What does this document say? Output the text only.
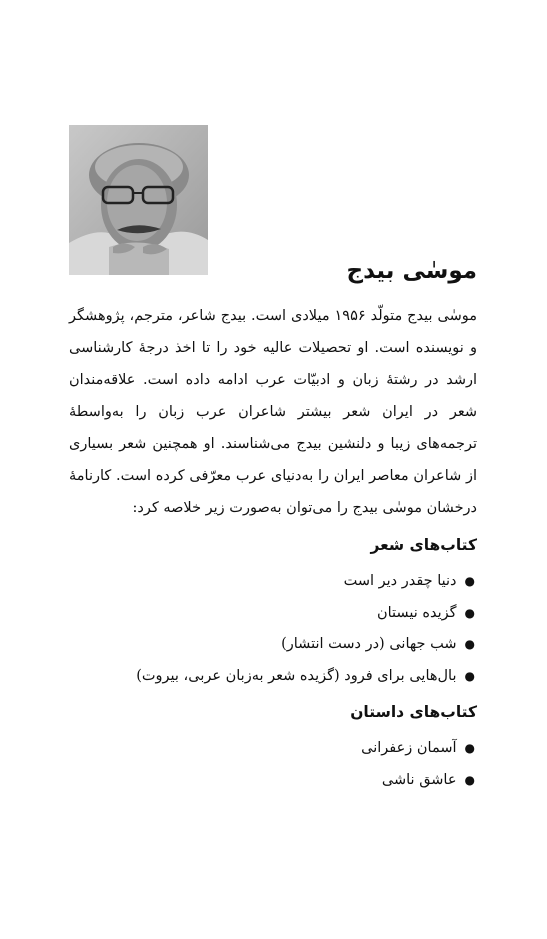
موسٰی بیدج

موسٰی بیدج متولّد ۱۹۵۶ میلادی است. بیدج شاعر، مترجم، پژوهشگر و نویسنده است. او تحصیلات عالیه خود را تا اخذ درجهٔ کارشناسی ارشد در رشتهٔ زبان و ادبیّات عرب ادامه داده است. علاقه‌مندان شعر در ایران شعر بیشتر شاعران عرب زبان را به‌واسطهٔ ترجمه‌های زیبا و دلنشین بیدج می‌شناسند. او همچنین شعر بسیاری از شاعران معاصر ایران را به‌دنیای عرب معرّفی کرده است. کارنامهٔ درخشان موسٰی بیدج را می‌توان به‌صورت زیر خلاصه کرد:

کتاب‌های شعر
●دنیا چقدر دیر است
●گزیده نیستان
●شب جهانی (در دست انتشار)
●بال‌هایی برای فرود (گزیده شعر به‌زبان عربی، بیروت)
کتاب‌های داستان
●آسمان زعفرانی
●عاشق ناشی
